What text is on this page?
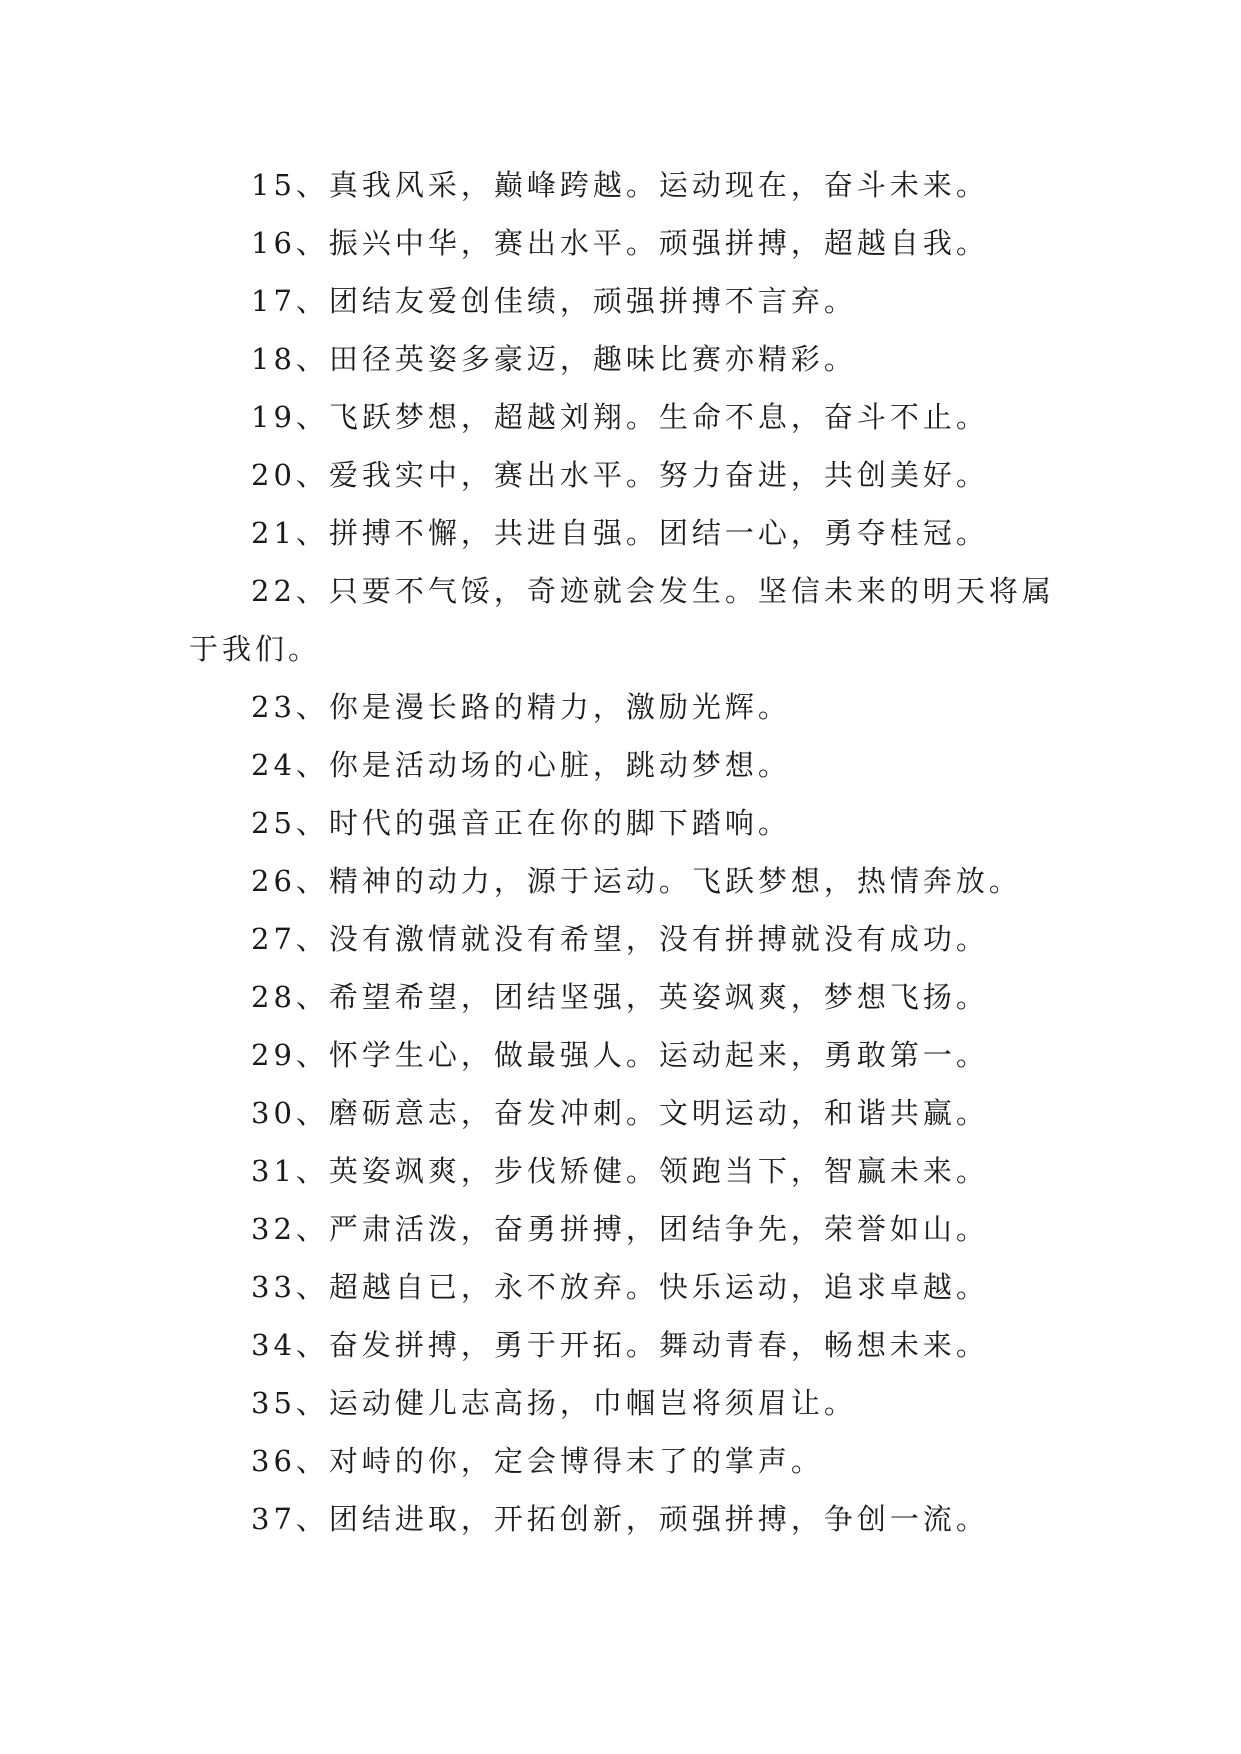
15、真我风采，巅峰跨越。运动现在，奋斗未来。

16、振兴中华，赛出水平。顽强拼搏，超越自我。

17、团结友爱创佳绩，顽强拼搏不言弃。

18、田径英姿多豪迈，趣味比赛亦精彩。

19、飞跃梦想，超越刘翔。生命不息，奋斗不止。

20、爱我实中，赛出水平。努力奋进，共创美好。

21、拼搏不懈，共进自强。团结一心，勇夺桂冠。

22、只要不气馁，奇迹就会发生。坚信未来的明天将属于我们。

23、你是漫长路的精力，激励光辉。

24、你是活动场的心脏，跳动梦想。

25、时代的强音正在你的脚下踏响。

26、精神的动力，源于运动。飞跃梦想，热情奔放。

27、没有激情就没有希望，没有拼搏就没有成功。

28、希望希望，团结坚强，英姿飒爽，梦想飞扬。

29、怀学生心，做最强人。运动起来，勇敢第一。

30、磨砺意志，奋发冲刺。文明运动，和谐共赢。

31、英姿飒爽，步伐矫健。领跑当下，智赢未来。

32、严肃活泼，奋勇拼搏，团结争先，荣誉如山。

33、超越自已，永不放弃。快乐运动，追求卓越。

34、奋发拼搏，勇于开拓。舞动青春，畅想未来。

35、运动健儿志高扬，巾帼岂将须眉让。

36、对峙的你，定会博得末了的掌声。

37、团结进取，开拓创新，顽强拼搏，争创一流。
